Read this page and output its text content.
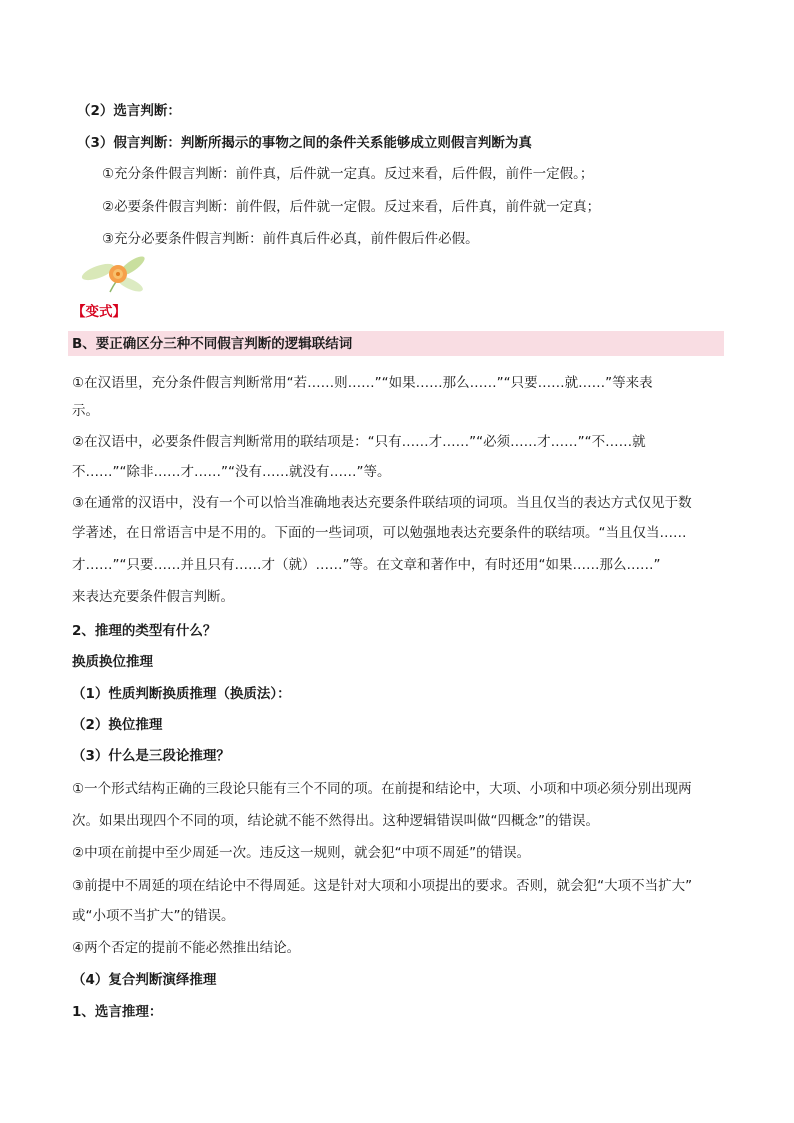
（2）选言判断：
（3）假言判断：判断所揭示的事物之间的条件关系能够成立则假言判断为真
①充分条件假言判断：前件真，后件就一定真。反过来看，后件假，前件一定假。；
②必要条件假言判断：前件假，后件就一定假。反过来看，后件真，前件就一定真；
③充分必要条件假言判断：前件真后件必真，前件假后件必假。
【变式】
B、要正确区分三种不同假言判断的逻辑联结词
①在汉语里，充分条件假言判断常用“若……则……”“如果……那么……”“只要……就……”等来表
示。
②在汉语中，必要条件假言判断常用的联结项是：“只有……才……”“必须……才……”“不……就
不……”“除非……才……”“没有……就没有……”等。
③在通常的汉语中，没有一个可以恰当准确地表达充要条件联结项的词项。当且仅当的表达方式仅见于数
学著述，在日常语言中是不用的。下面的一些词项，可以勉强地表达充要条件的联结项。“当且仅当……
才……”“只要……并且只有……才（就）……”等。在文章和著作中，有时还用“如果……那么……”
来表达充要条件假言判断。
2、推理的类型有什么？
换质换位推理
（1）性质判断换质推理（换质法）：
（2）换位推理
（3）什么是三段论推理？
①一个形式结构正确的三段论只能有三个不同的项。在前提和结论中，大项、小项和中项必须分别出现两
次。如果出现四个不同的项，结论就不能不然得出。这种逻辑错误叫做“四概念”的错误。
②中项在前提中至少周延一次。违反这一规则，就会犯“中项不周延”的错误。
③前提中不周延的项在结论中不得周延。这是针对大项和小项提出的要求。否则，就会犯“大项不当扩大”
或“小项不当扩大”的错误。
④两个否定的提前不能必然推出结论。
（4）复合判断演绎推理
1、选言推理：
